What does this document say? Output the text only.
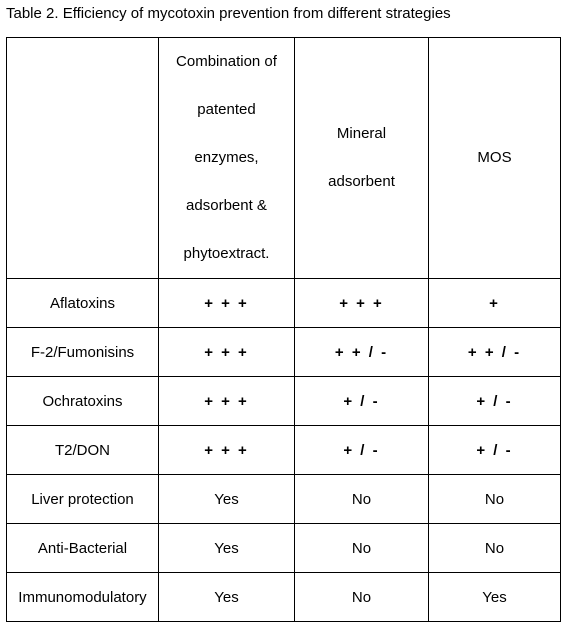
Table 2. Efficiency of mycotoxin prevention from different strategies

	Combination of
patented
enzymes,
adsorbent &
phytoextract.	Mineral
adsorbent	MOS

Aflatoxins	+ + +	+ + +	+
F-2/Fumonisins	+ + +	+ + / -	+ + / -
Ochratoxins	+ + +	+ / -	+ / -
T2/DON	+ + +	+ / -	+ / -
Liver protection	Yes	No	No
Anti-Bacterial	Yes	No	No
Immunomodulatory	Yes	No	Yes
